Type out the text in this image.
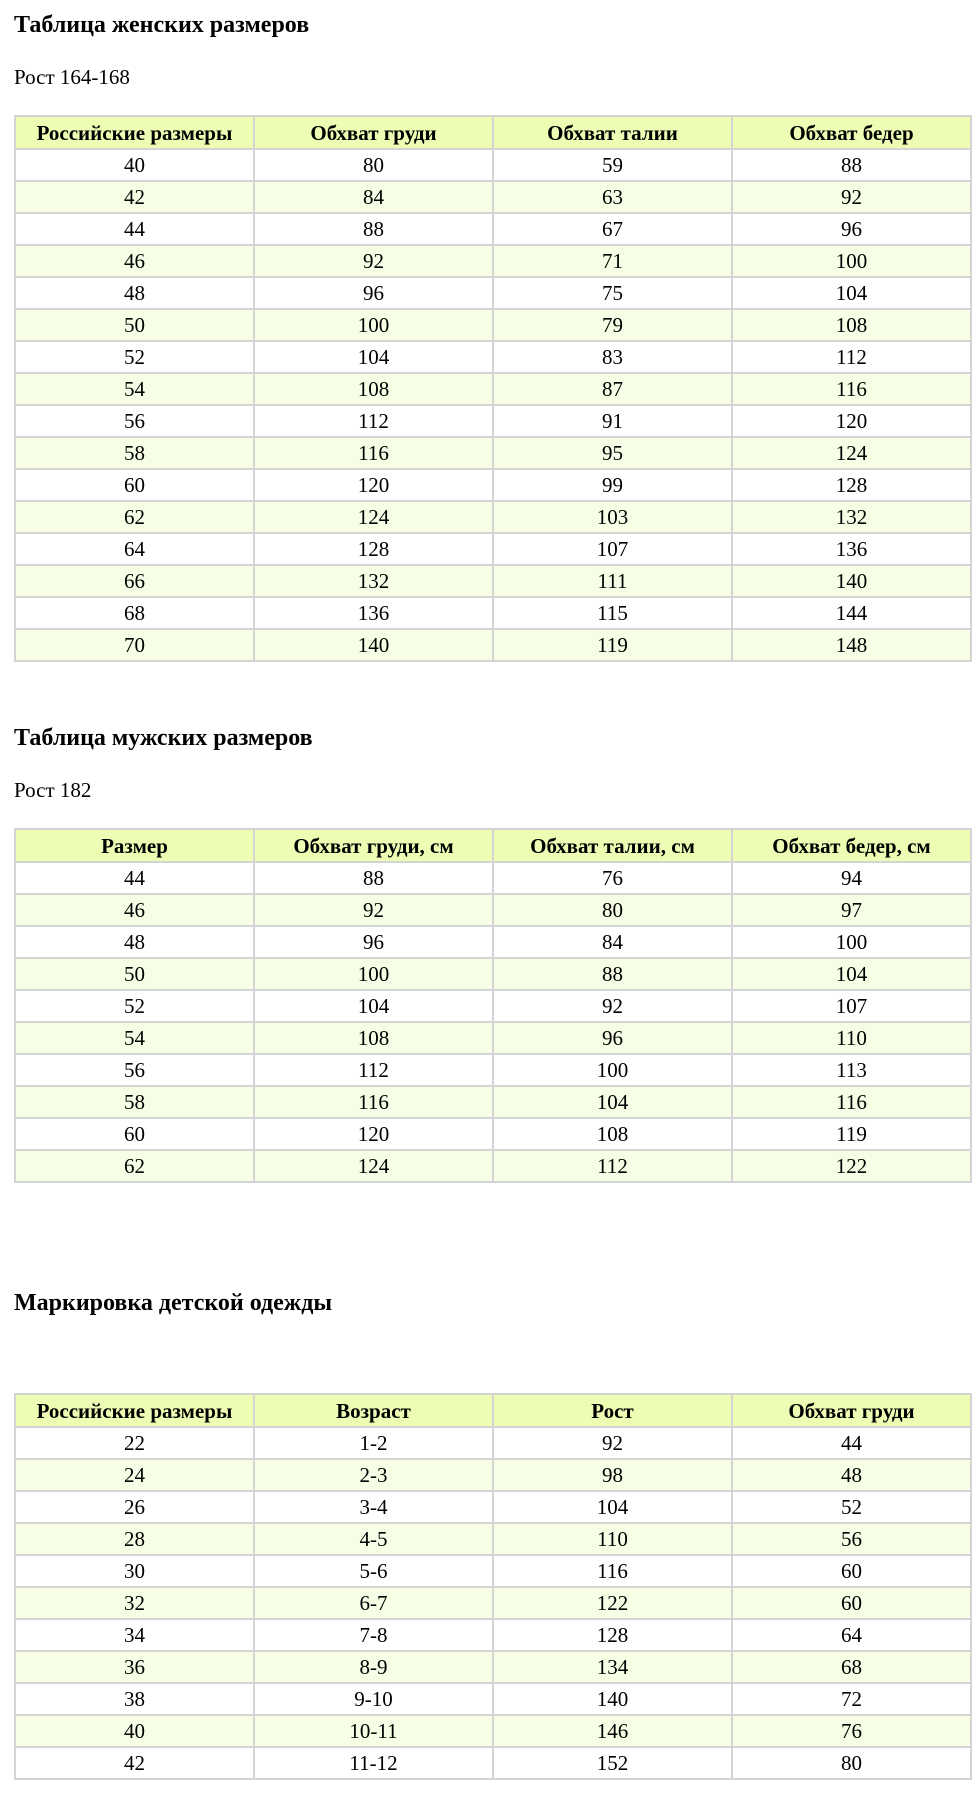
Таблица женских размеров

Рост 164-168

Российские размеры	Обхват груди	Обхват талии	Обхват бедер
40	80	59	88
42	84	63	92
44	88	67	96
46	92	71	100
48	96	75	104
50	100	79	108
52	104	83	112
54	108	87	116
56	112	91	120
58	116	95	124
60	120	99	128
62	124	103	132
64	128	107	136
66	132	111	140
68	136	115	144
70	140	119	148
Таблица мужских размеров

Рост 182

Размер	Обхват груди, см	Обхват талии, см	Обхват бедер, см
44	88	76	94
46	92	80	97
48	96	84	100
50	100	88	104
52	104	92	107
54	108	96	110
56	112	100	113
58	116	104	116
60	120	108	119
62	124	112	122
Маркировка детской одежды
Российские размеры	Возраст	Рост	Обхват груди
22	1-2	92	44
24	2-3	98	48
26	3-4	104	52
28	4-5	110	56
30	5-6	116	60
32	6-7	122	60
34	7-8	128	64
36	8-9	134	68
38	9-10	140	72
40	10-11	146	76
42	11-12	152	80
